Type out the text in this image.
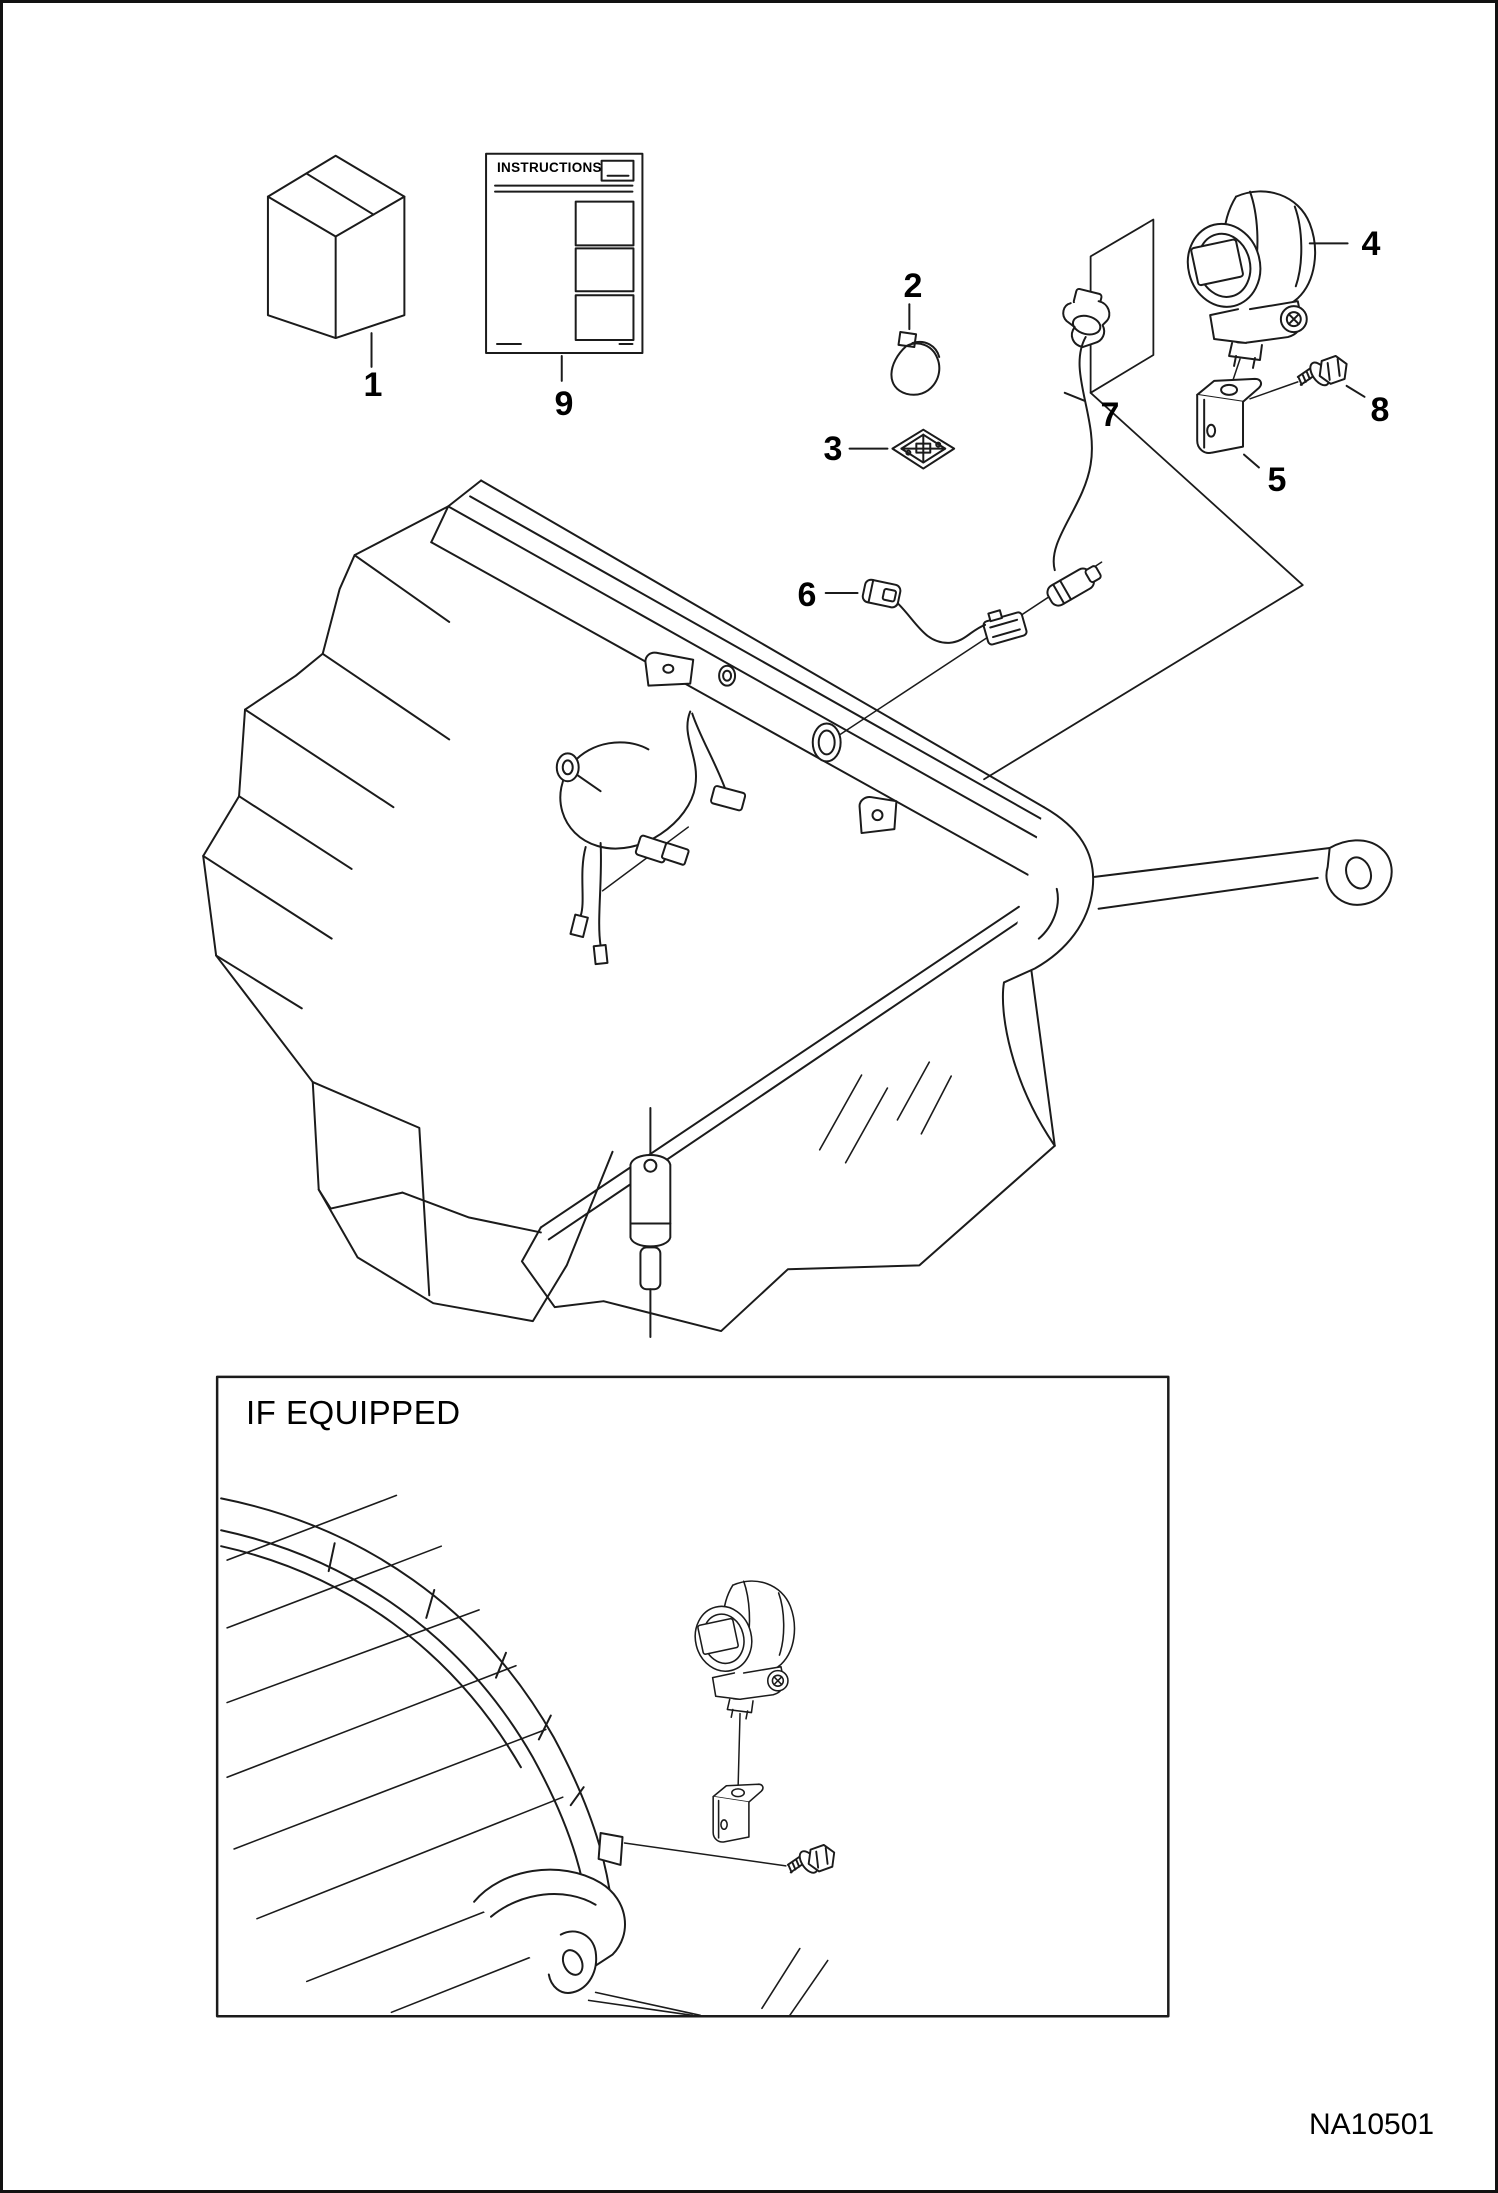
1
2
3
4
5
6
7	8
9
INSTRUCTIONS
IF EQUIPPED
NA10501
